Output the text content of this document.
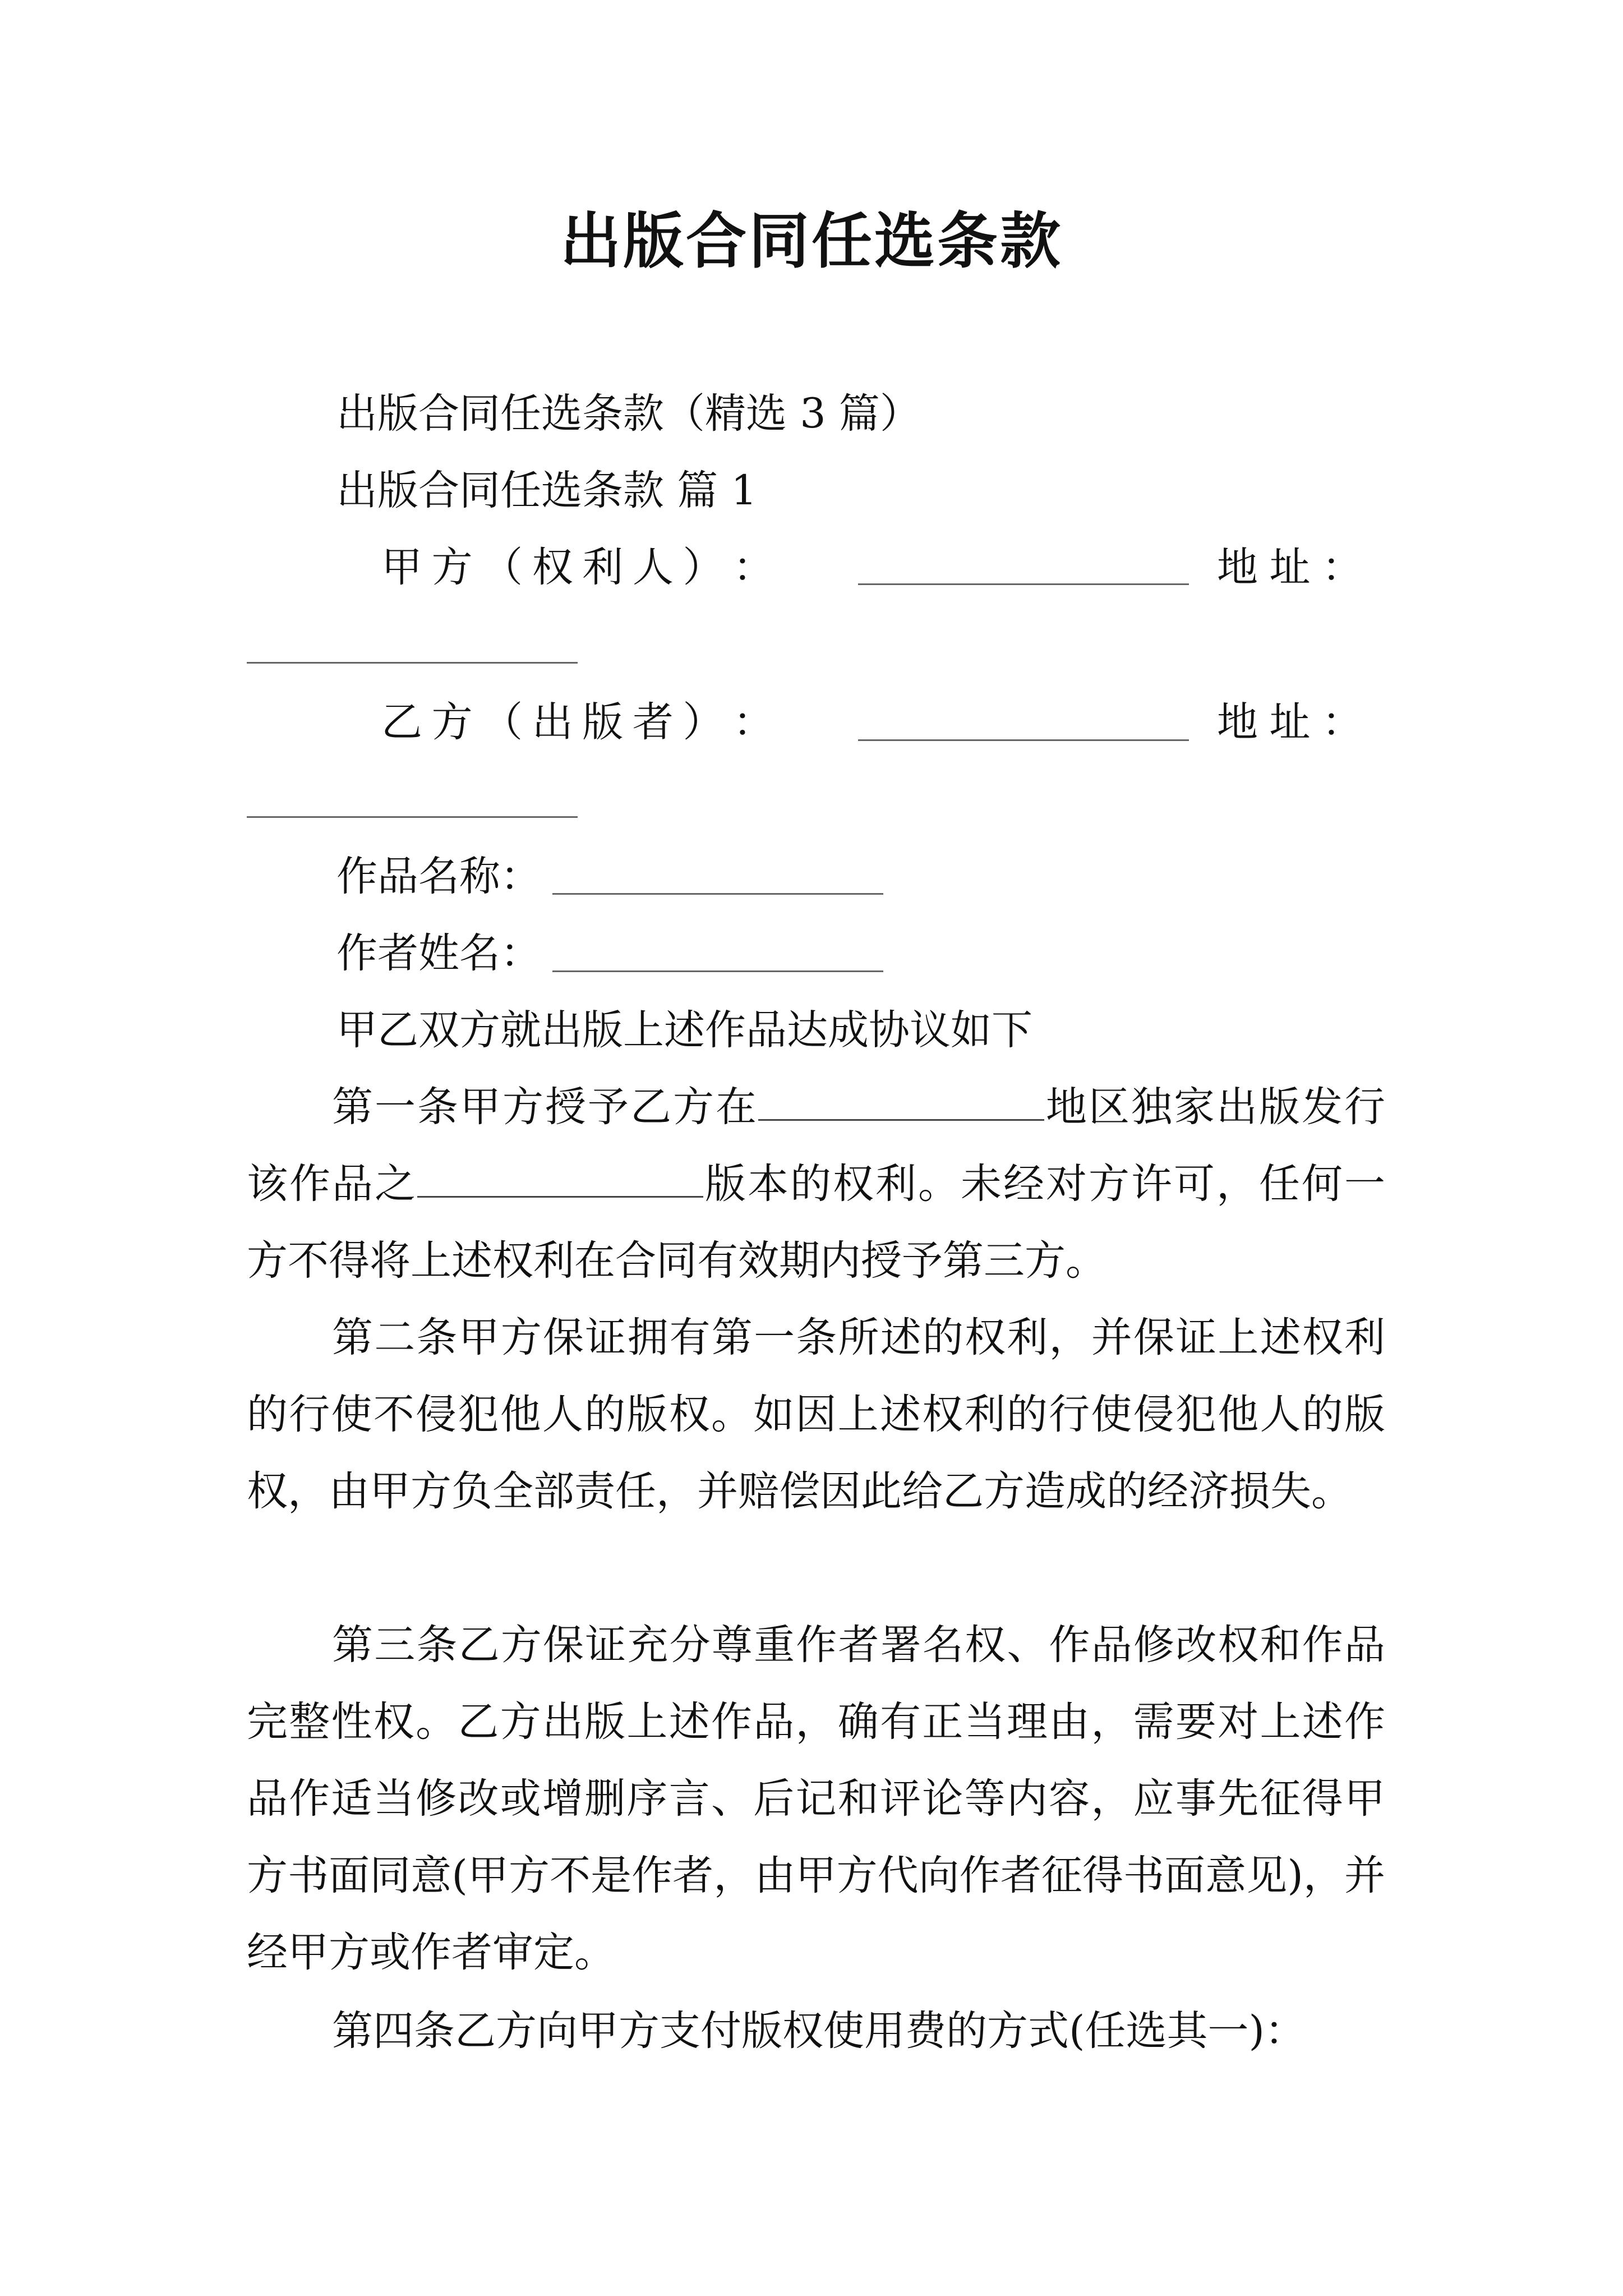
出版合同任选条款
出版合同任选条款（精选 3 篇）
出版合同任选条款 篇 1
甲 方 （ 权 利 人 ） ：	地 址 ：
乙 方 （ 出 版 者 ） ：	地 址 ：
作品名称：
作者姓名：
甲乙双方就出版上述作品达成协议如下
第一条甲方授予乙方在	地区独家出版发行该作品之	版本的权利。未经对方许可，任何一方不得将上述权利在合同有效期内授予第三方。
第二条甲方保证拥有第一条所述的权利，并保证上述权利的行使不侵犯他人的版权。如因上述权利的行使侵犯他人的版权，由甲方负全部责任，并赔偿因此给乙方造成的经济损失。
第三条乙方保证充分尊重作者署名权、作品修改权和作品完整性权。乙方出版上述作品，确有正当理由，需要对上述作品作适当修改或增删序言、后记和评论等内容，应事先征得甲方书面同意(甲方不是作者，由甲方代向作者征得书面意见)，并经甲方或作者审定。
第四条乙方向甲方支付版权使用费的方式(任选其一)：
